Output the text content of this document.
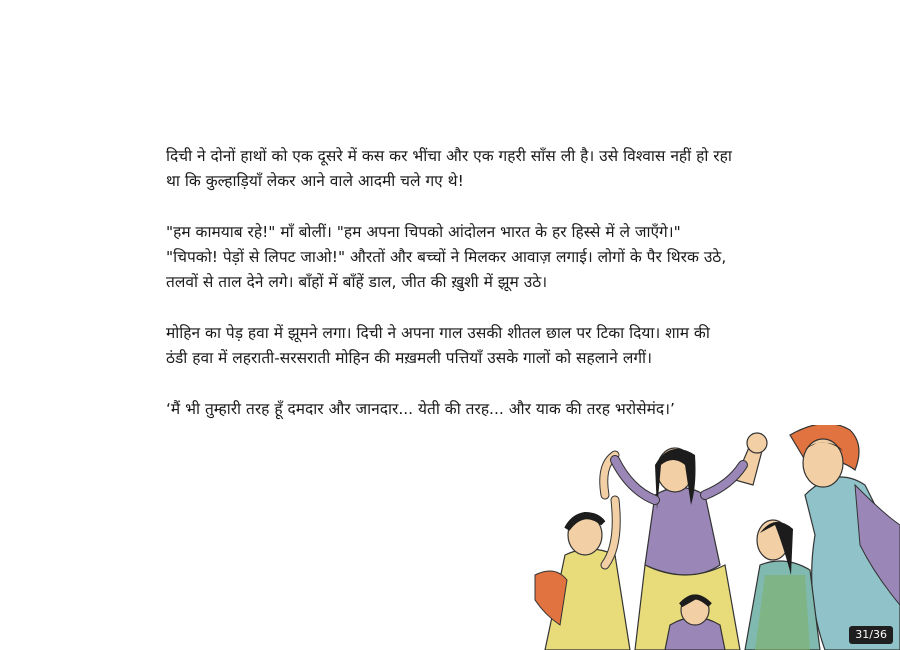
दिची ने दोनों हाथों को एक दूसरे में कस कर भींचा और एक गहरी साँस ली है। उसे विश्वास नहीं हो रहा था कि कुल्हाड़ियाँ लेकर आने वाले आदमी चले गए थे!

"हम कामयाब रहे!" माँ बोलीं। "हम अपना चिपको आंदोलन भारत के हर हिस्से में ले जाएँगे।"

"चिपको! पेड़ों से लिपट जाओ!" औरतों और बच्चों ने मिलकर आवाज़ लगाई। लोगों के पैर थिरक उठे, तलवों से ताल देने लगे। बाँहों में बाँहें डाल, जीत की ख़ुशी में झूम उठे।

मोहिन का पेड़ हवा में झूमने लगा। दिची ने अपना गाल उसकी शीतल छाल पर टिका दिया। शाम की ठंडी हवा में लहराती-सरसराती मोहिन की मख़मली पत्तियाँ उसके गालों को सहलाने लगीं।

‘मैं भी तुम्हारी तरह हूँ दमदार और जानदार... येती की तरह... और याक की तरह भरोसेमंद।’

31/36
